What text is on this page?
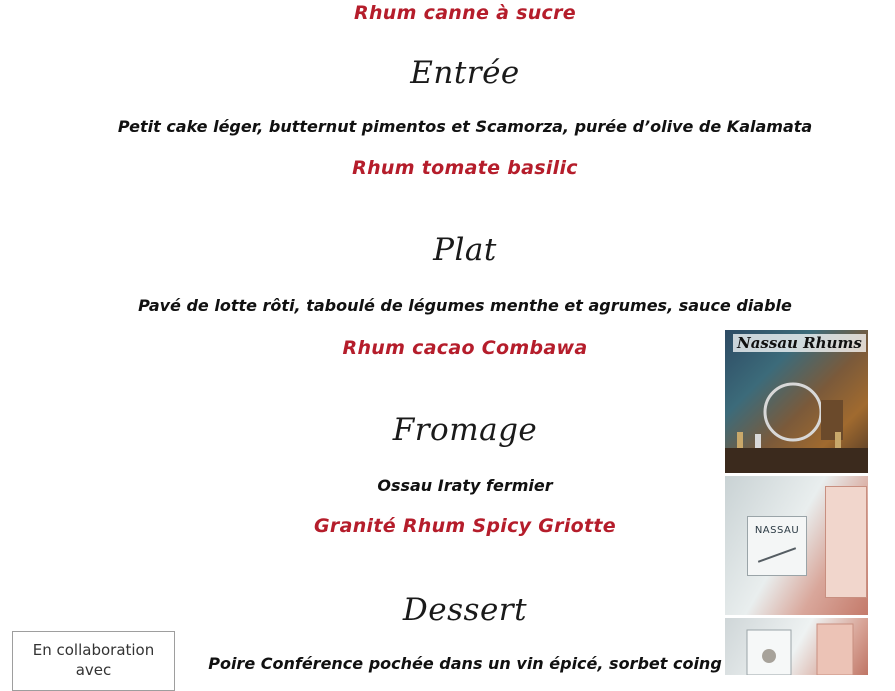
Rhum canne à sucre
Entrée
Petit cake léger, butternut pimentos et Scamorza, purée d’olive de Kalamata
Rhum tomate basilic
Plat
Pavé de lotte rôti, taboulé de légumes menthe et agrumes, sauce diable
Rhum cacao Combawa
Fromage
Ossau Iraty fermier
Granité Rhum Spicy Griotte
Dessert
Poire Conférence pochée dans un vin épicé, sorbet coing
Nassau Rhums
NASSAU
En collaboration
avec
